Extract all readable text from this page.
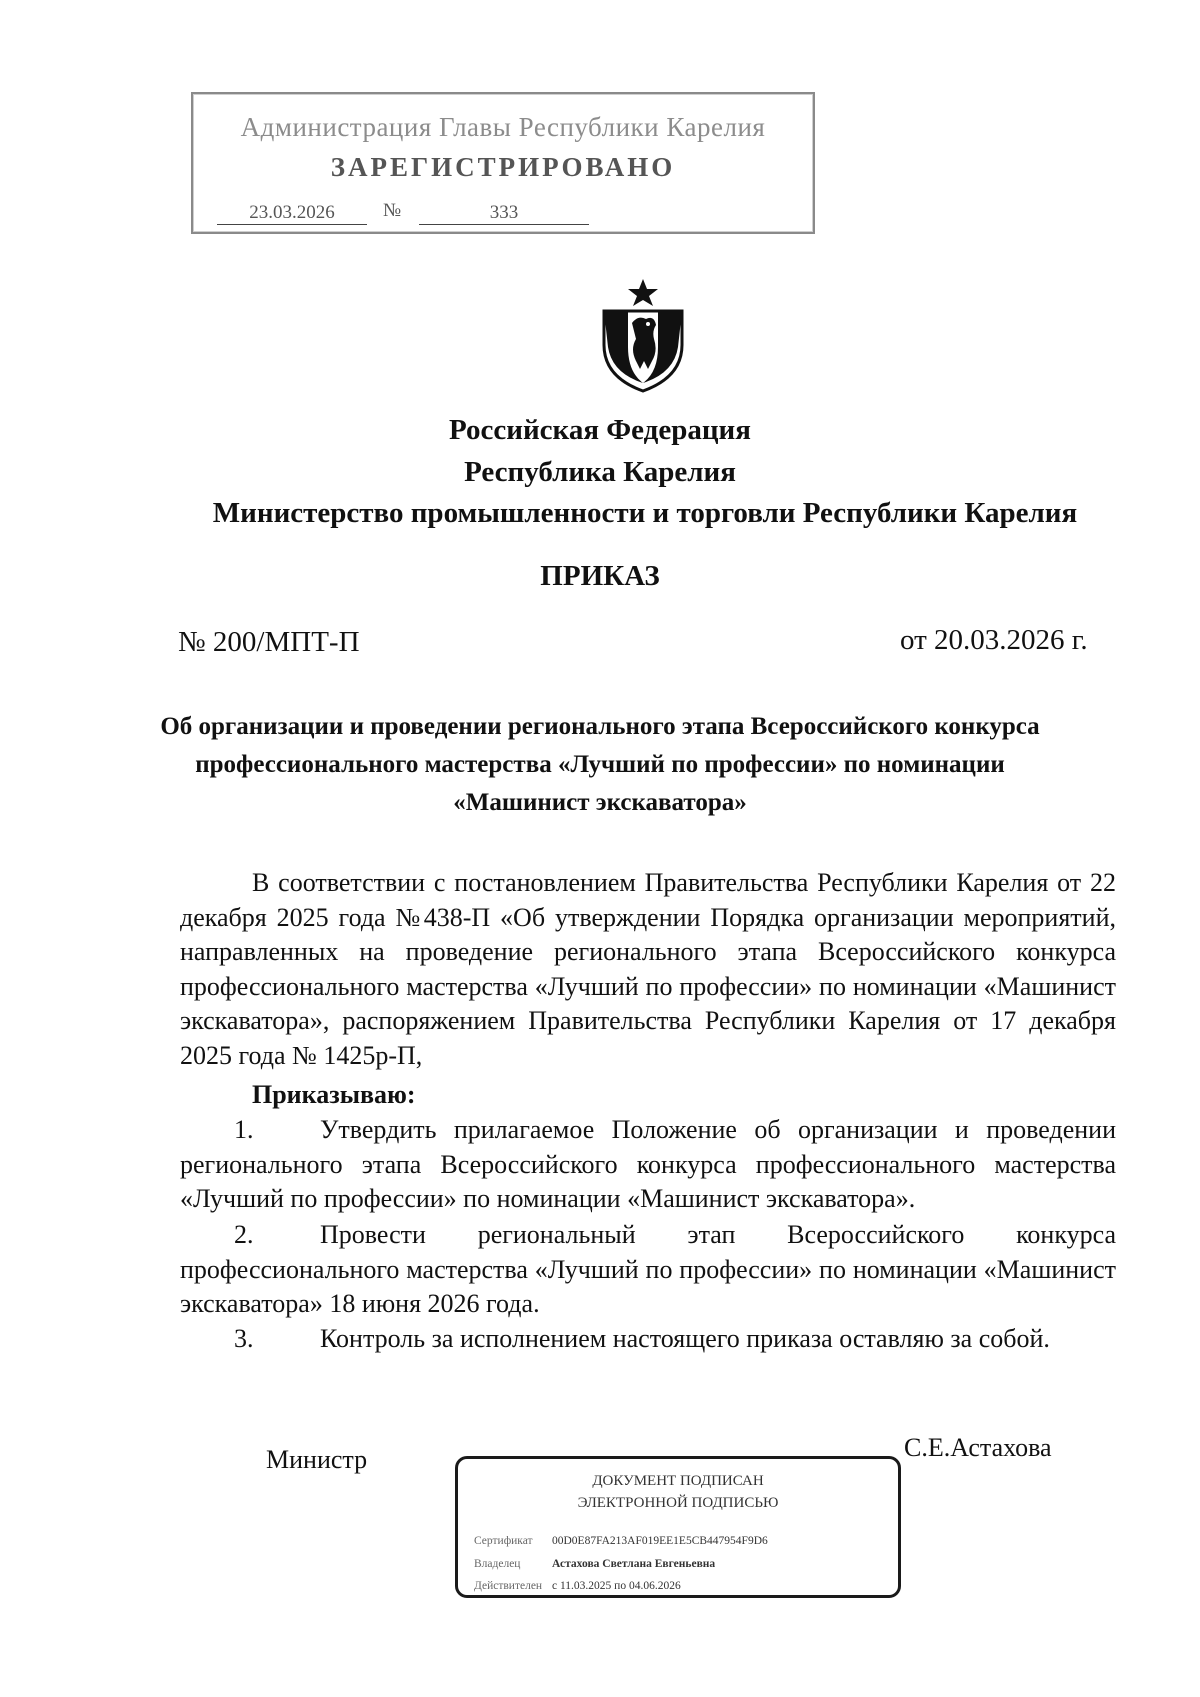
Администрация Главы Республики Карелия
ЗАРЕГИСТРИРОВАНО
23.03.2026	№	333
Российская Федерация
Республика Карелия
Министерство промышленности и торговли Республики Карелия
ПРИКАЗ
№ 200/МПТ-П	от 20.03.2026 г.
Об организации и проведении регионального этапа Всероссийского конкурса профессионального мастерства «Лучший по профессии» по номинации «Машинист экскаватора»
В соответствии с постановлением Правительства Республики Карелия от 22 декабря 2025 года №438-П «Об утверждении Порядка организации мероприятий, направленных на проведение регионального этапа Всероссийского конкурса профессионального мастерства «Лучший по профессии» по номинации «Машинист экскаватора», распоряжением Правительства Республики Карелия от 17 декабря 2025 года № 1425р-П,
Приказываю:
1.	Утвердить прилагаемое Положение об организации и проведении регионального этапа Всероссийского конкурса профессионального мастерства «Лучший по профессии» по номинации «Машинист экскаватора».
2.	Провести региональный этап Всероссийского конкурса профессионального мастерства «Лучший по профессии» по номинации «Машинист экскаватора» 18 июня 2026 года.
3.	Контроль за исполнением настоящего приказа оставляю за собой.
Министр	С.Е.Астахова
ДОКУМЕНТ ПОДПИСАН
ЭЛЕКТРОННОЙ ПОДПИСЬЮ
Сертификат 00D0E87FA213AF019EE1E5CB447954F9D6
Владелец	Астахова Светлана Евгеньевна
Действителен с 11.03.2025 по 04.06.2026
